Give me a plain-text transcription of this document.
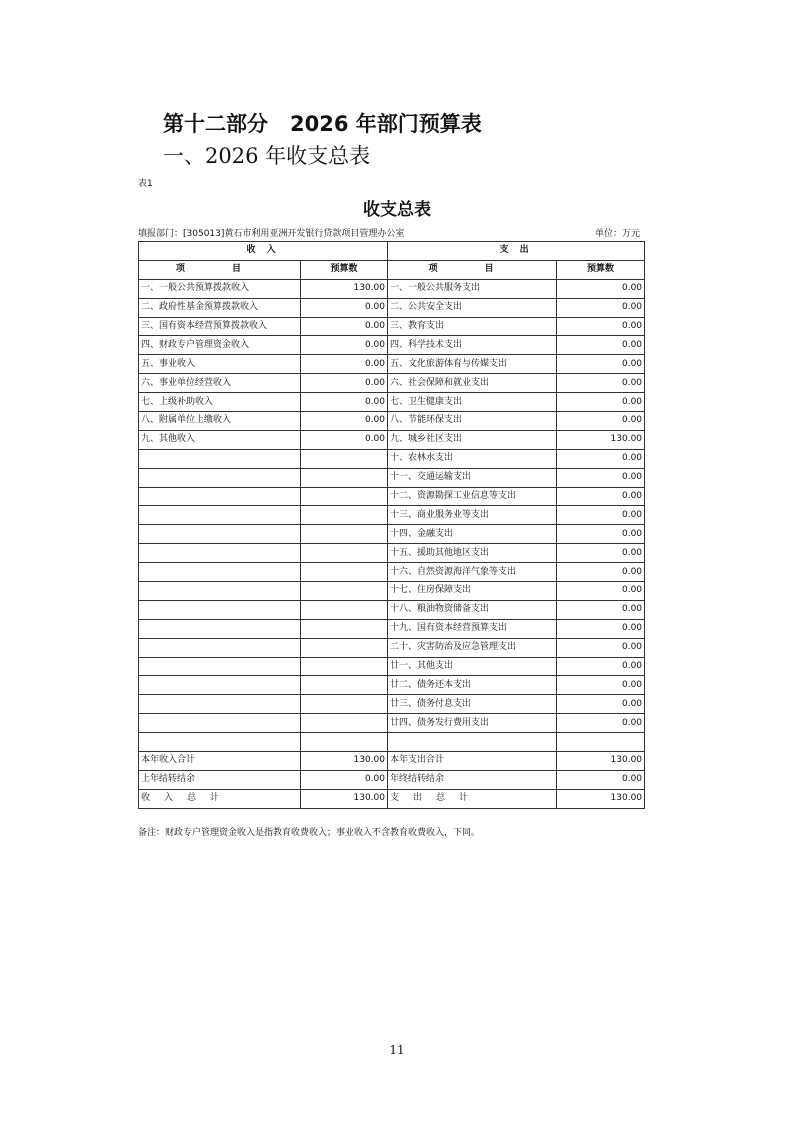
第十二部分 2026 年部门预算表
一、2026 年收支总表
表1
收支总表
填报部门：[305013]黄石市利用亚洲开发银行贷款项目管理办公室	单位：万元
收 入		支 出	
项 目	预算数	项 目	预算数
一、一般公共预算拨款收入	130.00	一、一般公共服务支出	0.00
二、政府性基金预算拨款收入	0.00	二、公共安全支出	0.00
三、国有资本经营预算拨款收入	0.00	三、教育支出	0.00
四、财政专户管理资金收入	0.00	四、科学技术支出	0.00
五、事业收入	0.00	五、文化旅游体育与传媒支出	0.00
六、事业单位经营收入	0.00	六、社会保障和就业支出	0.00
七、上级补助收入	0.00	七、卫生健康支出	0.00
八、附属单位上缴收入	0.00	八、节能环保支出	0.00
九、其他收入	0.00	九、城乡社区支出	130.00
		十、农林水支出	0.00
		十一、交通运输支出	0.00
		十二、资源勘探工业信息等支出	0.00
		十三、商业服务业等支出	0.00
		十四、金融支出	0.00
		十五、援助其他地区支出	0.00
		十六、自然资源海洋气象等支出	0.00
		十七、住房保障支出	0.00
		十八、粮油物资储备支出	0.00
		十九、国有资本经营预算支出	0.00
		二十、灾害防治及应急管理支出	0.00
		廿一、其他支出	0.00
		廿二、债务还本支出	0.00
		廿三、债务付息支出	0.00
		廿四、债务发行费用支出	0.00

本年收入合计	130.00	本年支出合计	130.00
上年结转结余	0.00	年终结转结余	0.00
收入总计	130.00	支出总计	130.00
备注：财政专户管理资金收入是指教育收费收入；事业收入不含教育收费收入，下同。
11
